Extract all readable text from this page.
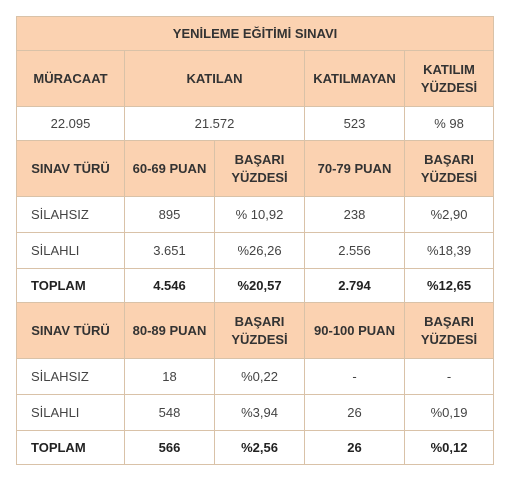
YENİLEME EĞİTİMİ SINAVI				
MÜRACAAT	KATILAN		KATILMAYAN	KATILIM YÜZDESİ
22.095	21.572		523	% 98
SINAV TÜRÜ	60-69 PUAN	BAŞARI YÜZDESİ	70-79 PUAN	BAŞARI YÜZDESİ
SİLAHSIZ	895	% 10,92	238	%2,90
SİLAHLI	3.651	%26,26	2.556	%18,39
TOPLAM	4.546	%20,57	2.794	%12,65
SINAV TÜRÜ	80-89 PUAN	BAŞARI YÜZDESİ	90-100 PUAN	BAŞARI YÜZDESİ
SİLAHSIZ	18	%0,22	-	-
SİLAHLI	548	%3,94	26	%0,19
TOPLAM	566	%2,56	26	%0,12
